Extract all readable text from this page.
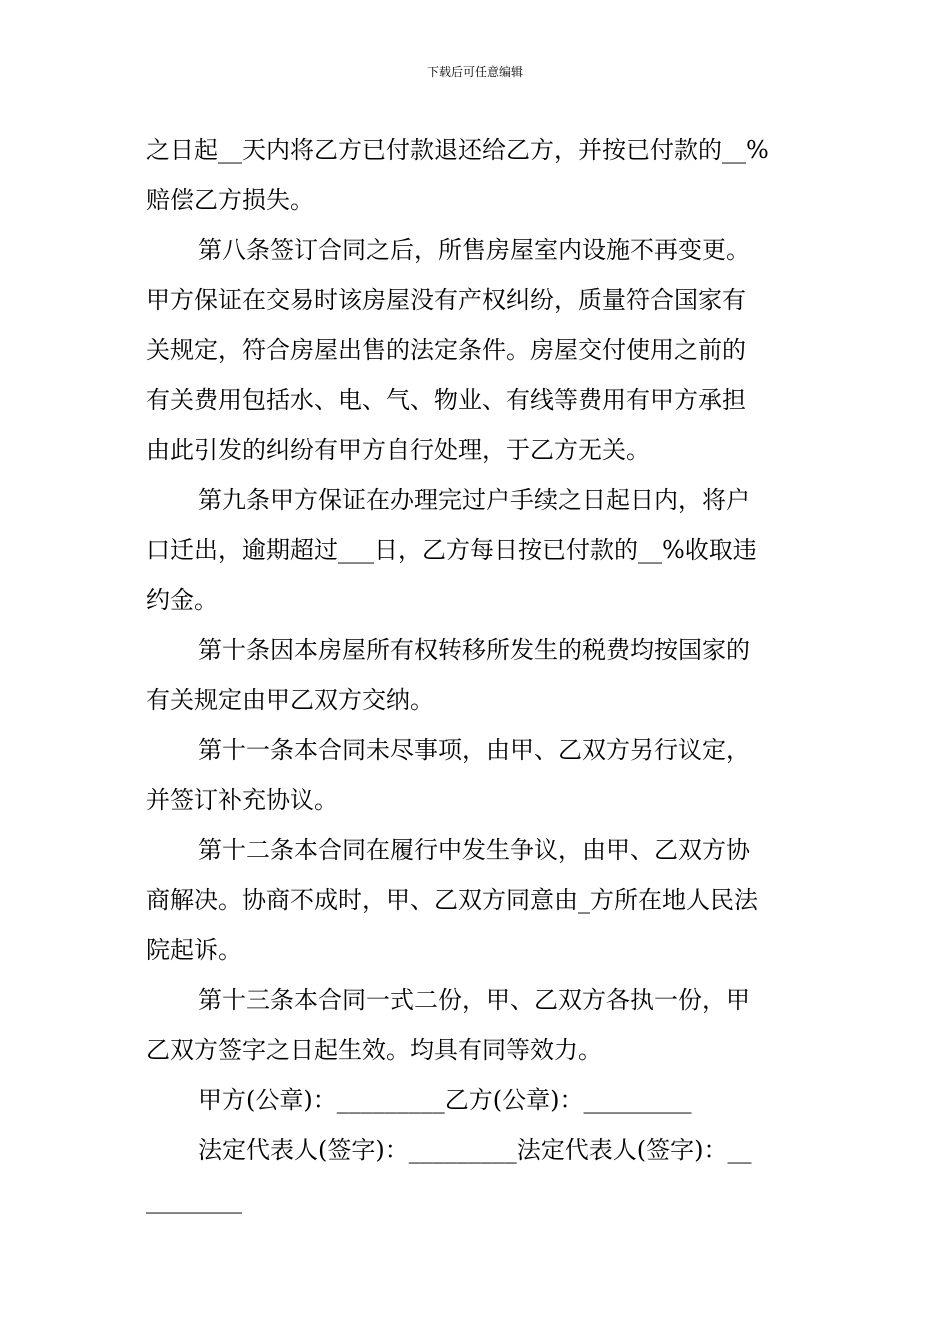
下载后可任意编辑
之日起__天内将乙方已付款退还给乙方，并按已付款的__%
赔偿乙方损失。
第八条签订合同之后，所售房屋室内设施不再变更。
甲方保证在交易时该房屋没有产权纠纷，质量符合国家有
关规定，符合房屋出售的法定条件。房屋交付使用之前的
有关费用包括水、电、气、物业、有线等费用有甲方承担
由此引发的纠纷有甲方自行处理，于乙方无关。
第九条甲方保证在办理完过户手续之日起日内，将户
口迁出，逾期超过___日，乙方每日按已付款的__%收取违
约金。
第十条因本房屋所有权转移所发生的税费均按国家的
有关规定由甲乙双方交纳。
第十一条本合同未尽事项，由甲、乙双方另行议定，
并签订补充协议。
第十二条本合同在履行中发生争议，由甲、乙双方协
商解决。协商不成时，甲、乙双方同意由_方所在地人民法
院起诉。
第十三条本合同一式二份，甲、乙双方各执一份，甲
乙双方签字之日起生效。均具有同等效力。
甲方(公章)：_________乙方(公章)：_________
法定代表人(签字)：_________法定代表人(签字)：__
________
